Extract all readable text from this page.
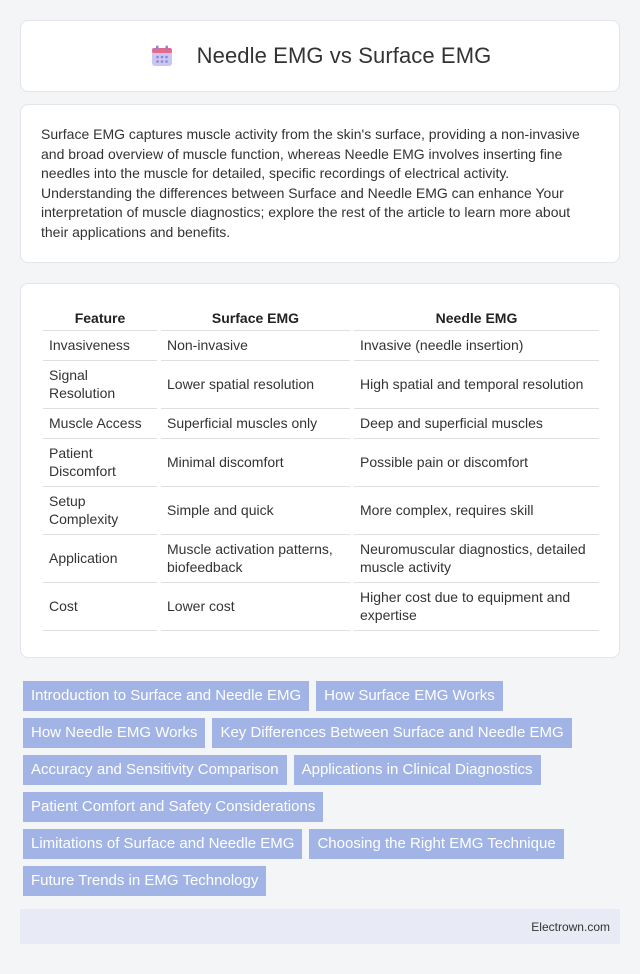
Needle EMG vs Surface EMG

Surface EMG captures muscle activity from the skin's surface, providing a non-invasive and broad overview of muscle function, whereas Needle EMG involves inserting fine needles into the muscle for detailed, specific recordings of electrical activity. Understanding the differences between Surface and Needle EMG can enhance Your interpretation of muscle diagnostics; explore the rest of the article to learn more about their applications and benefits.

Feature	Surface EMG	Needle EMG
Invasiveness	Non-invasive	Invasive (needle insertion)
Signal Resolution	Lower spatial resolution	High spatial and temporal resolution
Muscle Access	Superficial muscles only	Deep and superficial muscles
Patient Discomfort	Minimal discomfort	Possible pain or discomfort
Setup Complexity	Simple and quick	More complex, requires skill
Application	Muscle activation patterns, biofeedback	Neuromuscular diagnostics, detailed muscle activity
Cost	Lower cost	Higher cost due to equipment and expertise
Introduction to Surface and Needle EMG	How Surface EMG Works
How Needle EMG Works	Key Differences Between Surface and Needle EMG
Accuracy and Sensitivity Comparison	Applications in Clinical Diagnostics
Patient Comfort and Safety Considerations
Limitations of Surface and Needle EMG	Choosing the Right EMG Technique
Future Trends in EMG Technology
Electrown.com
